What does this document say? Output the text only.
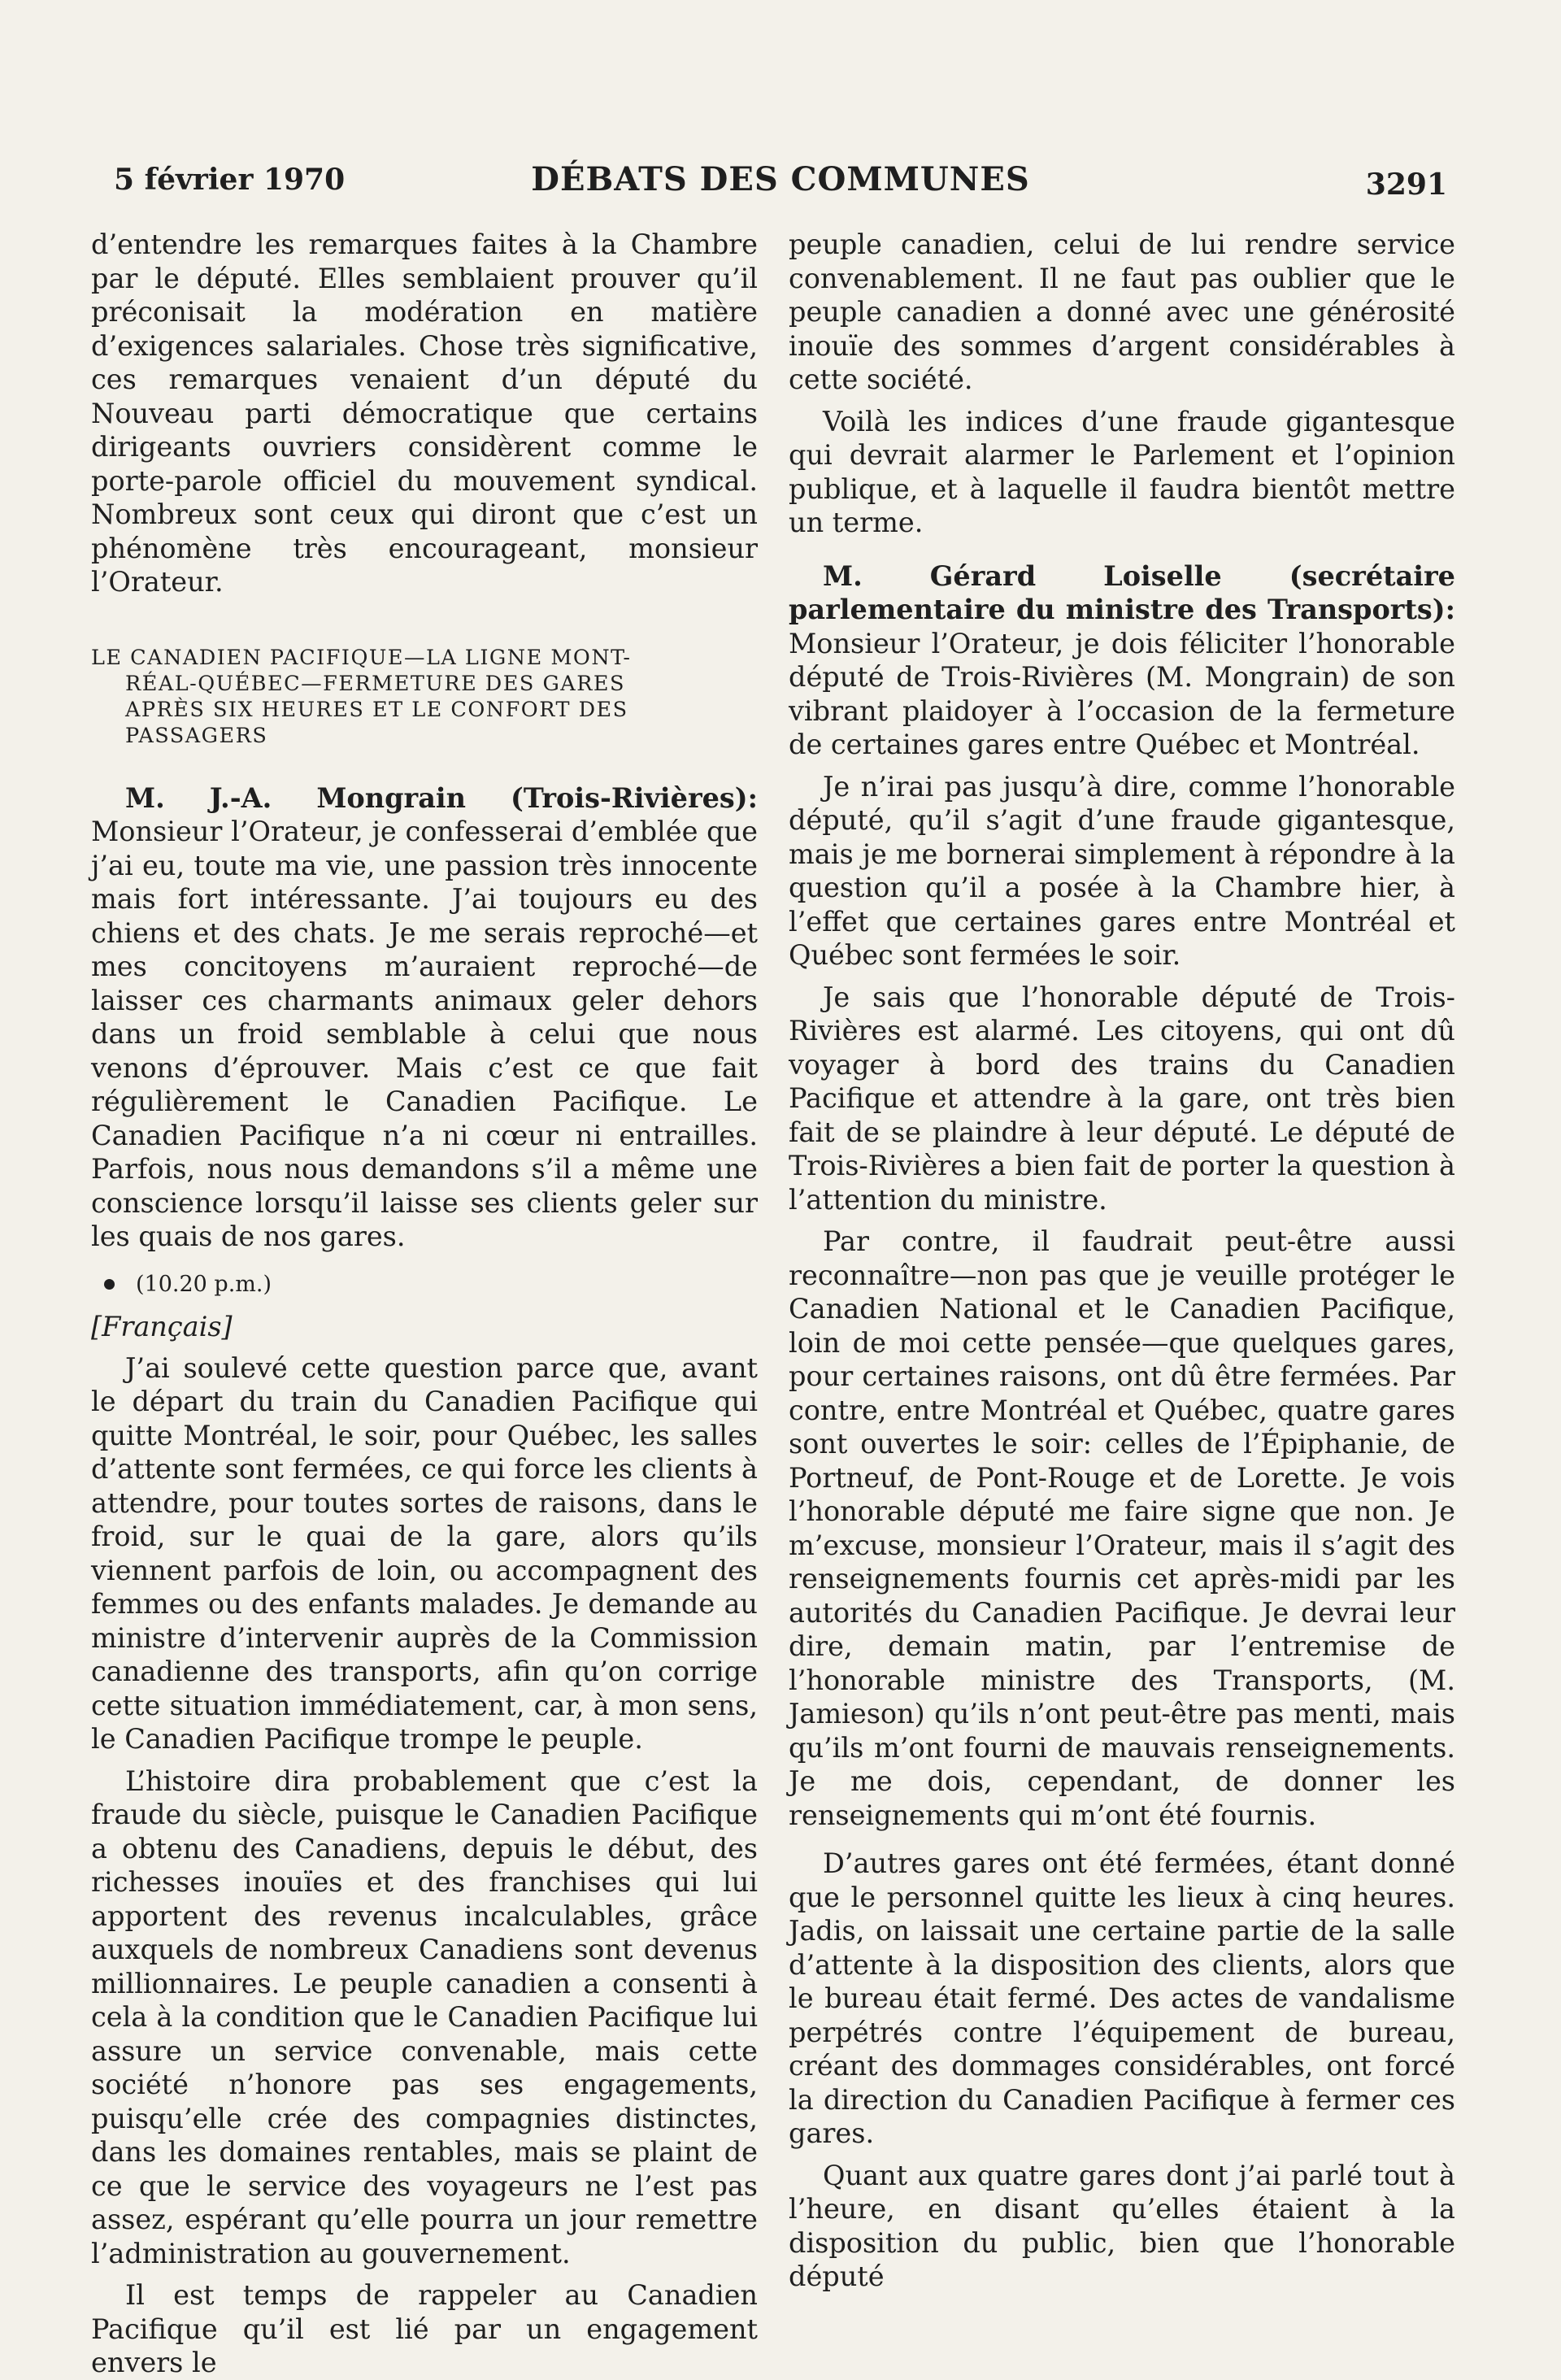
5 février 1970	DÉBATS DES COMMUNES	3291

d’entendre les remarques faites à la Chambre par le député. Elles semblaient prouver qu’il préconisait la modération en matière d’exigences salariales. Chose très significative, ces remarques venaient d’un député du Nouveau parti démocratique que certains dirigeants ouvriers considèrent comme le porte-parole officiel du mouvement syndical. Nombreux sont ceux qui diront que c’est un phénomène très encourageant, monsieur l’Orateur.

LE CANADIEN PACIFIQUE—LA LIGNE MONT-
RÉAL-QUÉBEC—FERMETURE DES GARES
APRÈS SIX HEURES ET LE CONFORT DES
PASSAGERS

M. J.-A. Mongrain (Trois-Rivières): Monsieur l’Orateur, je confesserai d’emblée que j’ai eu, toute ma vie, une passion très innocente mais fort intéressante. J’ai toujours eu des chiens et des chats. Je me serais reproché—et mes concitoyens m’auraient reproché—de laisser ces charmants animaux geler dehors dans un froid semblable à celui que nous venons d’éprouver. Mais c’est ce que fait régulièrement le Canadien Pacifique. Le Canadien Pacifique n’a ni cœur ni entrailles. Parfois, nous nous demandons s’il a même une conscience lorsqu’il laisse ses clients geler sur les quais de nos gares.

(10.20 p.m.)

[Français]

J’ai soulevé cette question parce que, avant le départ du train du Canadien Pacifique qui quitte Montréal, le soir, pour Québec, les salles d’attente sont fermées, ce qui force les clients à attendre, pour toutes sortes de raisons, dans le froid, sur le quai de la gare, alors qu’ils viennent parfois de loin, ou accompagnent des femmes ou des enfants malades. Je demande au ministre d’intervenir auprès de la Commission canadienne des transports, afin qu’on corrige cette situation immédiatement, car, à mon sens, le Canadien Pacifique trompe le peuple.

L’histoire dira probablement que c’est la fraude du siècle, puisque le Canadien Pacifique a obtenu des Canadiens, depuis le début, des richesses inouïes et des franchises qui lui apportent des revenus incalculables, grâce auxquels de nombreux Canadiens sont devenus millionnaires. Le peuple canadien a consenti à cela à la condition que le Canadien Pacifique lui assure un service convenable, mais cette société n’honore pas ses engagements, puisqu’elle crée des compagnies distinctes, dans les domaines rentables, mais se plaint de ce que le service des voyageurs ne l’est pas assez, espérant qu’elle pourra un jour remettre l’administration au gouvernement.

Il est temps de rappeler au Canadien Pacifique qu’il est lié par un engagement envers le

peuple canadien, celui de lui rendre service convenablement. Il ne faut pas oublier que le peuple canadien a donné avec une générosité inouïe des sommes d’argent considérables à cette société.

Voilà les indices d’une fraude gigantesque qui devrait alarmer le Parlement et l’opinion publique, et à laquelle il faudra bientôt mettre un terme.

M. Gérard Loiselle (secrétaire parlementaire du ministre des Transports): Monsieur l’Orateur, je dois féliciter l’honorable député de Trois-Rivières (M. Mongrain) de son vibrant plaidoyer à l’occasion de la fermeture de certaines gares entre Québec et Montréal.

Je n’irai pas jusqu’à dire, comme l’honorable député, qu’il s’agit d’une fraude gigantesque, mais je me bornerai simplement à répondre à la question qu’il a posée à la Chambre hier, à l’effet que certaines gares entre Montréal et Québec sont fermées le soir.

Je sais que l’honorable député de Trois-Rivières est alarmé. Les citoyens, qui ont dû voyager à bord des trains du Canadien Pacifique et attendre à la gare, ont très bien fait de se plaindre à leur député. Le député de Trois-Rivières a bien fait de porter la question à l’attention du ministre.

Par contre, il faudrait peut-être aussi reconnaître—non pas que je veuille protéger le Canadien National et le Canadien Pacifique, loin de moi cette pensée—que quelques gares, pour certaines raisons, ont dû être fermées. Par contre, entre Montréal et Québec, quatre gares sont ouvertes le soir: celles de l’Épiphanie, de Portneuf, de Pont-Rouge et de Lorette. Je vois l’honorable député me faire signe que non. Je m’excuse, monsieur l’Orateur, mais il s’agit des renseignements fournis cet après-midi par les autorités du Canadien Pacifique. Je devrai leur dire, demain matin, par l’entremise de l’honorable ministre des Transports, (M. Jamieson) qu’ils n’ont peut-être pas menti, mais qu’ils m’ont fourni de mauvais renseignements. Je me dois, cependant, de donner les renseignements qui m’ont été fournis.

D’autres gares ont été fermées, étant donné que le personnel quitte les lieux à cinq heures. Jadis, on laissait une certaine partie de la salle d’attente à la disposition des clients, alors que le bureau était fermé. Des actes de vandalisme perpétrés contre l’équipement de bureau, créant des dommages considérables, ont forcé la direction du Canadien Pacifique à fermer ces gares.

Quant aux quatre gares dont j’ai parlé tout à l’heure, en disant qu’elles étaient à la disposition du public, bien que l’honorable député
